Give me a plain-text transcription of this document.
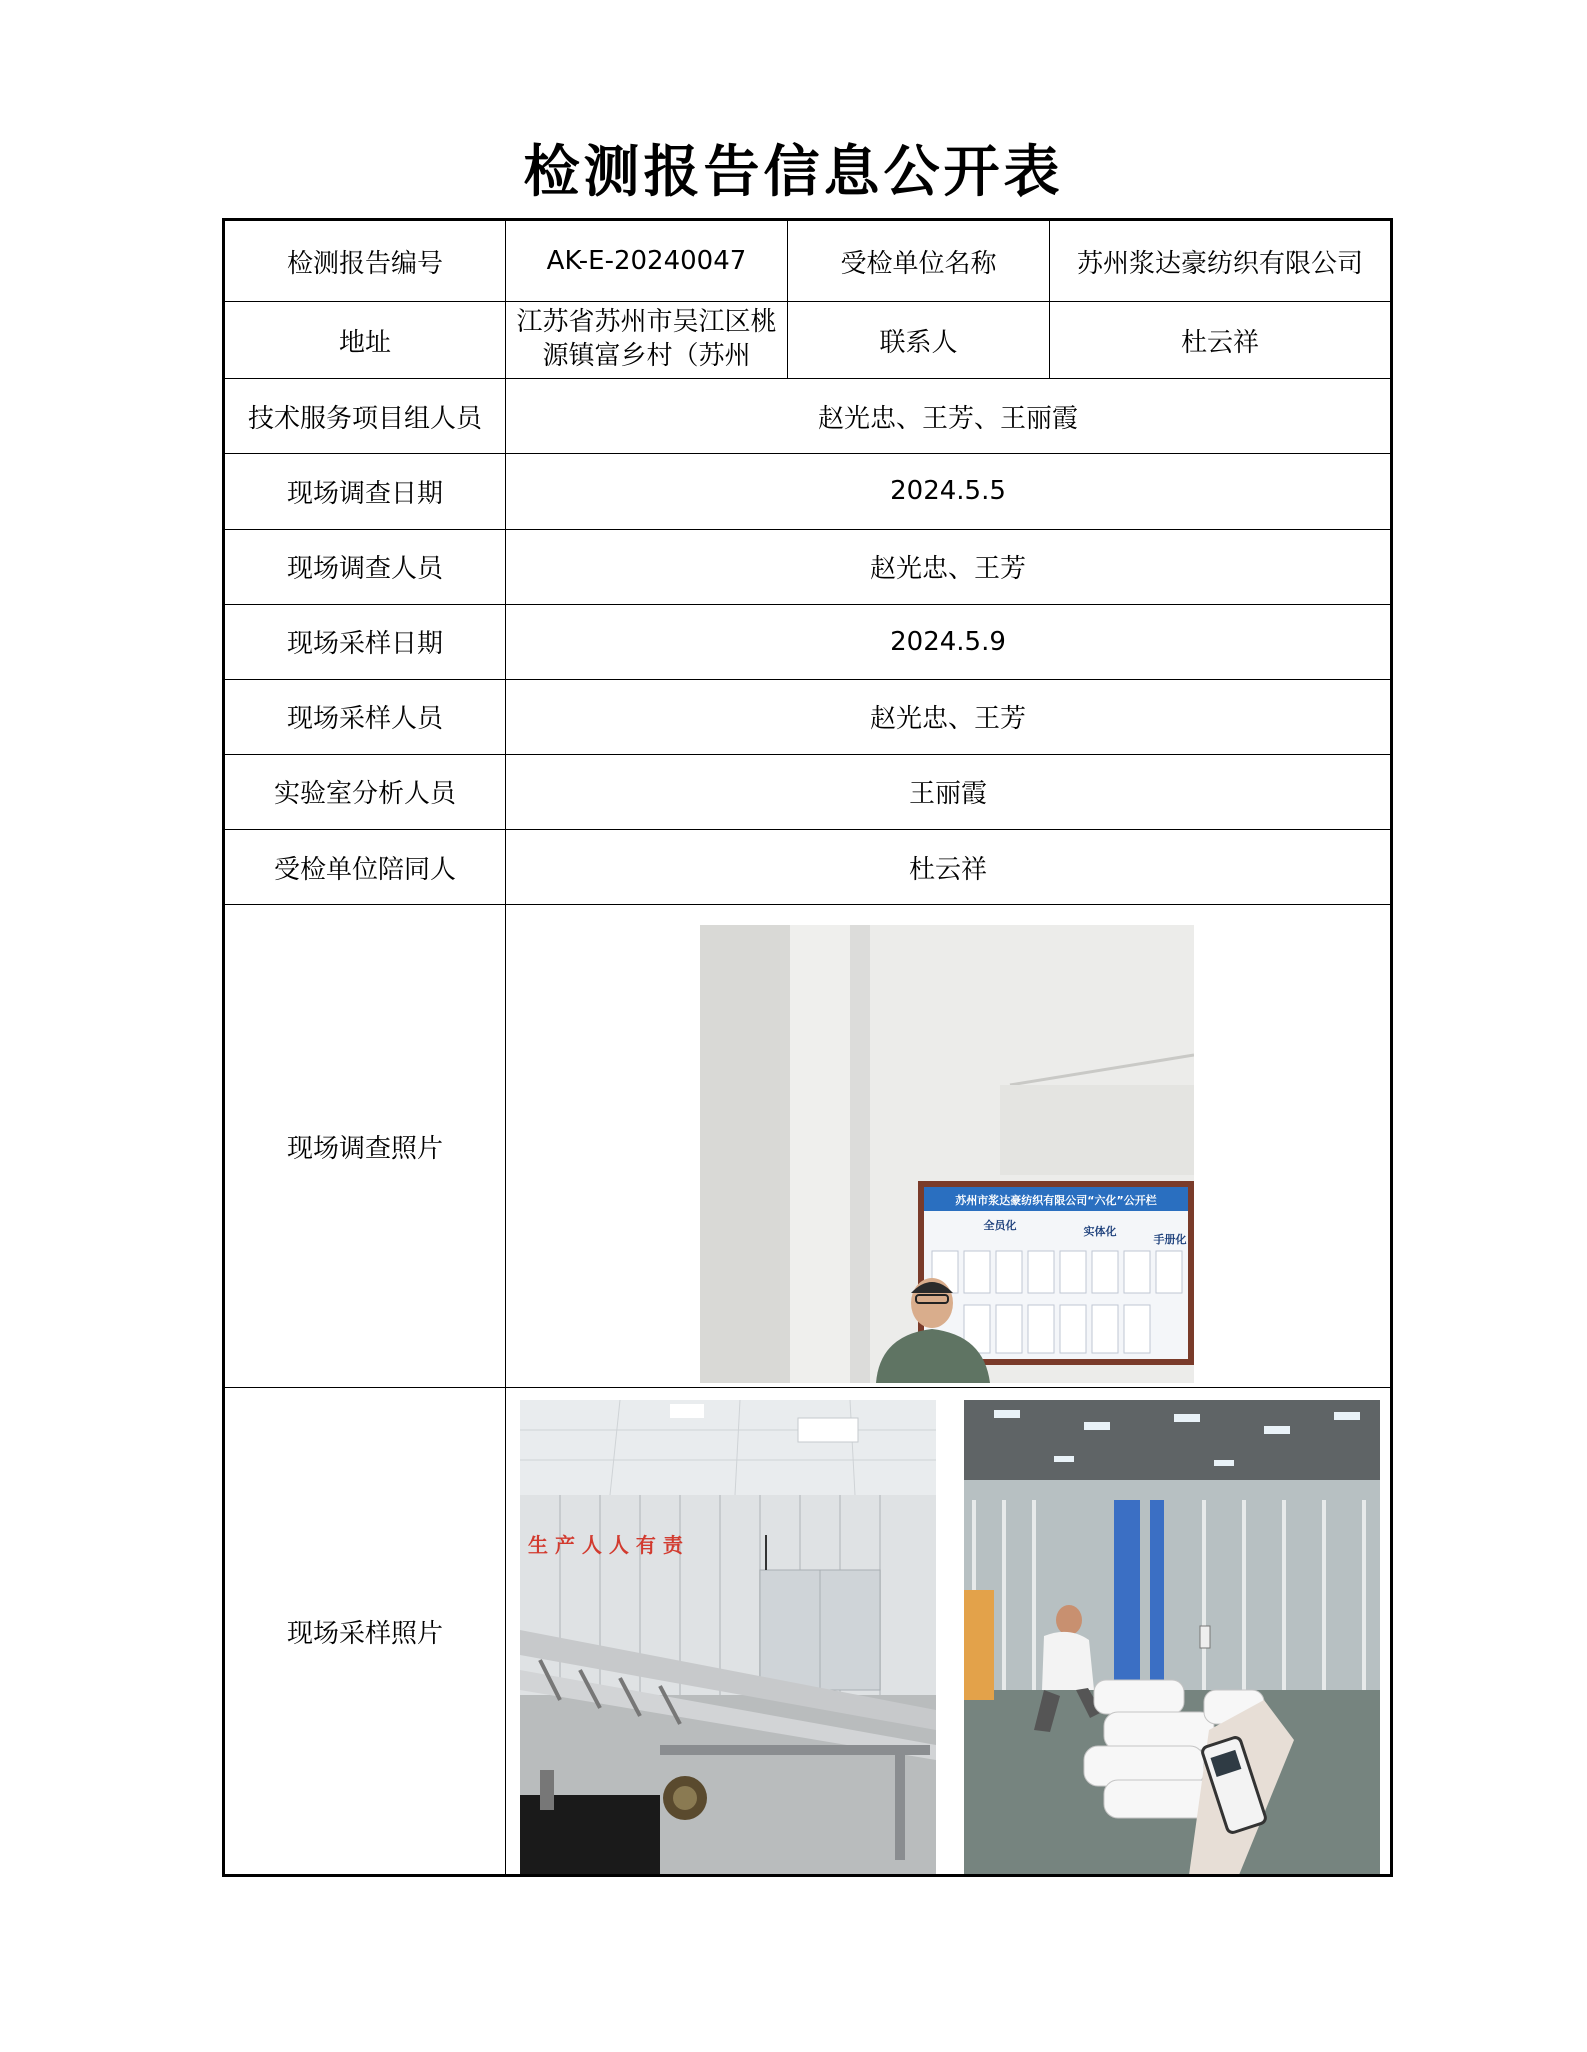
检测报告信息公开表
检测报告编号	AK-E-20240047	受检单位名称	苏州浆达豪纺织有限公司
地址	江苏省苏州市吴江区桃源镇富乡村（苏州	联系人	杜云祥
技术服务项目组人员	赵光忠、王芳、王丽霞		
现场调查日期	2024.5.5		
现场调查人员	赵光忠、王芳		
现场采样日期	2024.5.9		
现场采样人员	赵光忠、王芳		
实验室分析人员	王丽霞		
受检单位陪同人	杜云祥		
现场调查照片	苏州市浆达豪纺织有限公司“六化”公开栏
全员化 实体化
手册化		

现场采样照片	生 产 人 人 有 责		
